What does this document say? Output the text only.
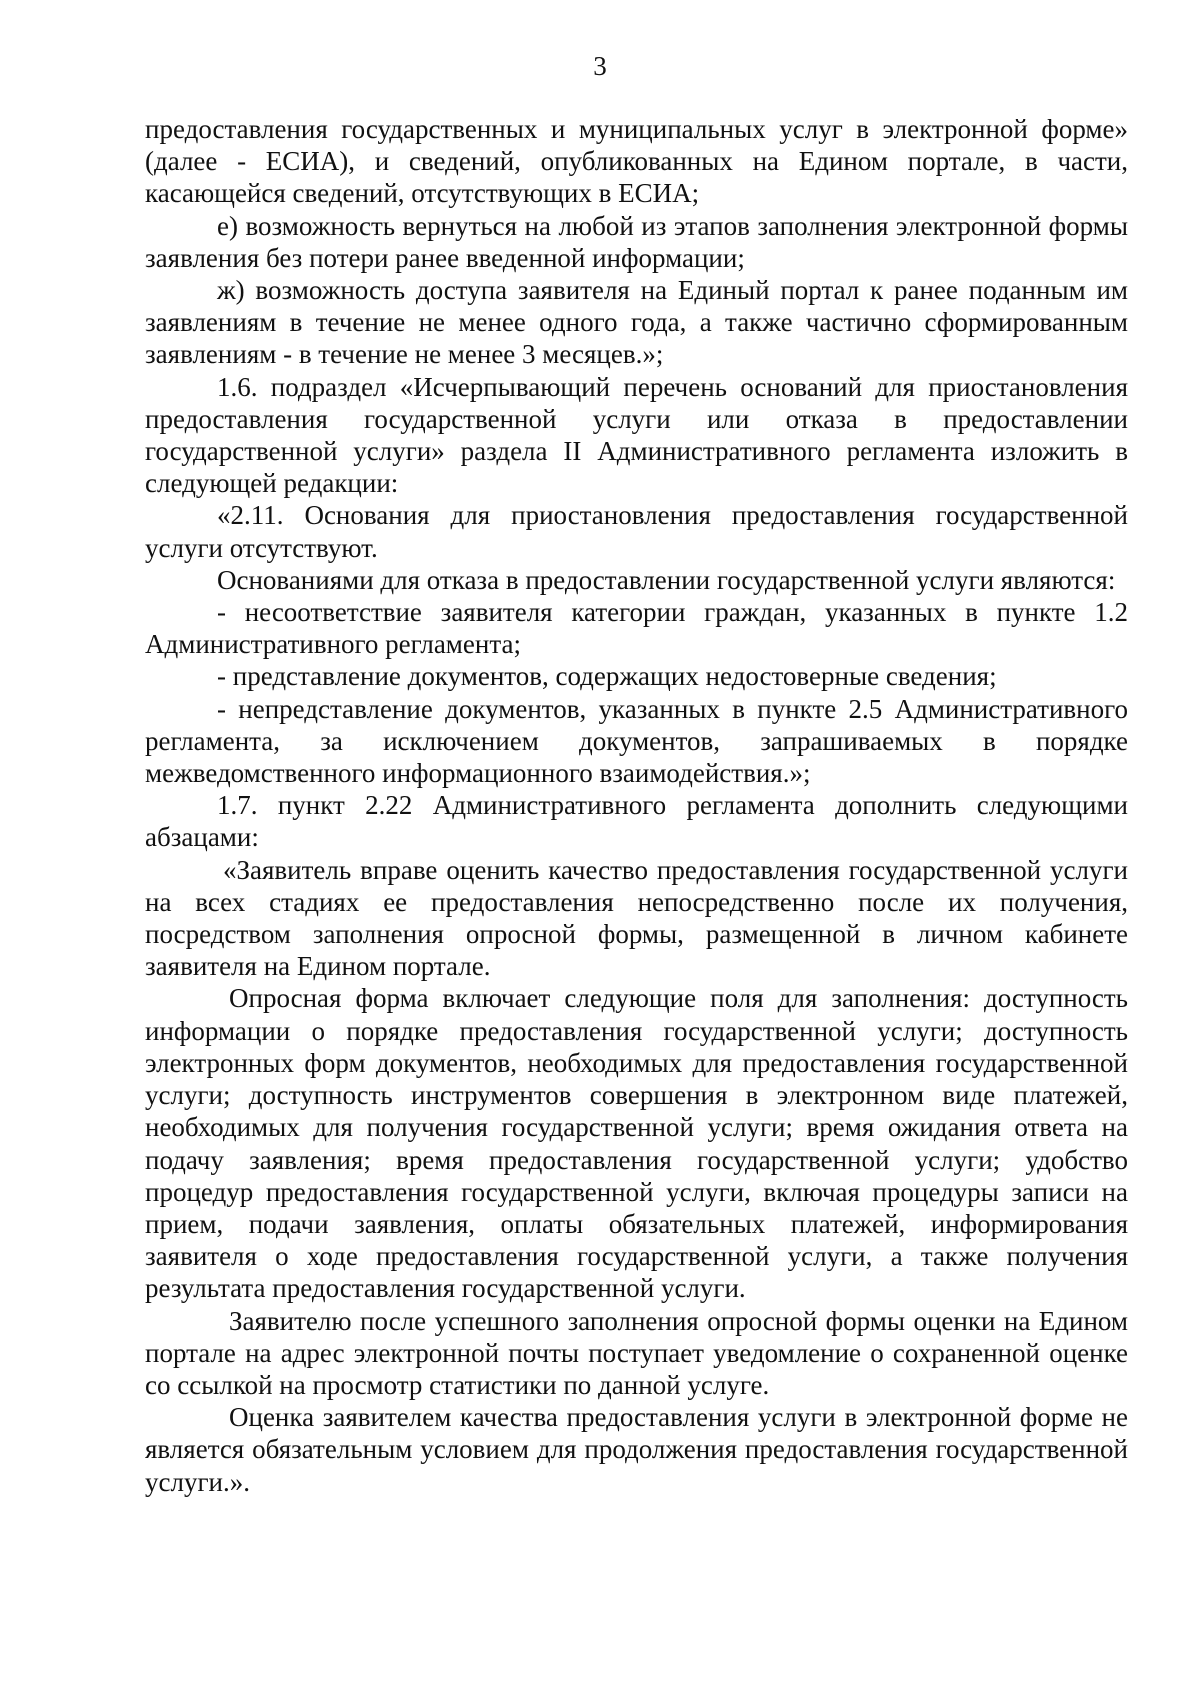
3

предоставления государственных и муниципальных услуг в электронной форме» (далее - ЕСИА), и сведений, опубликованных на Едином портале, в части, касающейся сведений, отсутствующих в ЕСИА;

е) возможность вернуться на любой из этапов заполнения электронной формы заявления без потери ранее введенной информации;

ж) возможность доступа заявителя на Единый портал к ранее поданным им заявлениям в течение не менее одного года, а также частично сформированным заявлениям - в течение не менее 3 месяцев.»;

1.6. подраздел «Исчерпывающий перечень оснований для приостановления предоставления государственной услуги или отказа в предоставлении государственной услуги» раздела II Административного регламента изложить в следующей редакции:

«2.11. Основания для приостановления предоставления государственной услуги отсутствуют.

Основаниями для отказа в предоставлении государственной услуги являются:

- несоответствие заявителя категории граждан, указанных в пункте 1.2 Административного регламента;

- представление документов, содержащих недостоверные сведения;

- непредставление документов, указанных в пункте 2.5 Административного регламента, за исключением документов, запрашиваемых в порядке межведомственного информационного взаимодействия.»;

1.7. пункт 2.22 Административного регламента дополнить следующими абзацами:

«Заявитель вправе оценить качество предоставления государственной услуги на всех стадиях ее предоставления непосредственно после их получения, посредством заполнения опросной формы, размещенной в личном кабинете заявителя на Едином портале.

Опросная форма включает следующие поля для заполнения: доступность информации о порядке предоставления государственной услуги; доступность электронных форм документов, необходимых для предоставления государственной услуги; доступность инструментов совершения в электронном виде платежей, необходимых для получения государственной услуги; время ожидания ответа на подачу заявления; время предоставления государственной услуги; удобство процедур предоставления государственной услуги, включая процедуры записи на прием, подачи заявления, оплаты обязательных платежей, информирования заявителя о ходе предоставления государственной услуги, а также получения результата предоставления государственной услуги.

Заявителю после успешного заполнения опросной формы оценки на Едином портале на адрес электронной почты поступает уведомление о сохраненной оценке со ссылкой на просмотр статистики по данной услуге.

Оценка заявителем качества предоставления услуги в электронной форме не является обязательным условием для продолжения предоставления государственной услуги.».
